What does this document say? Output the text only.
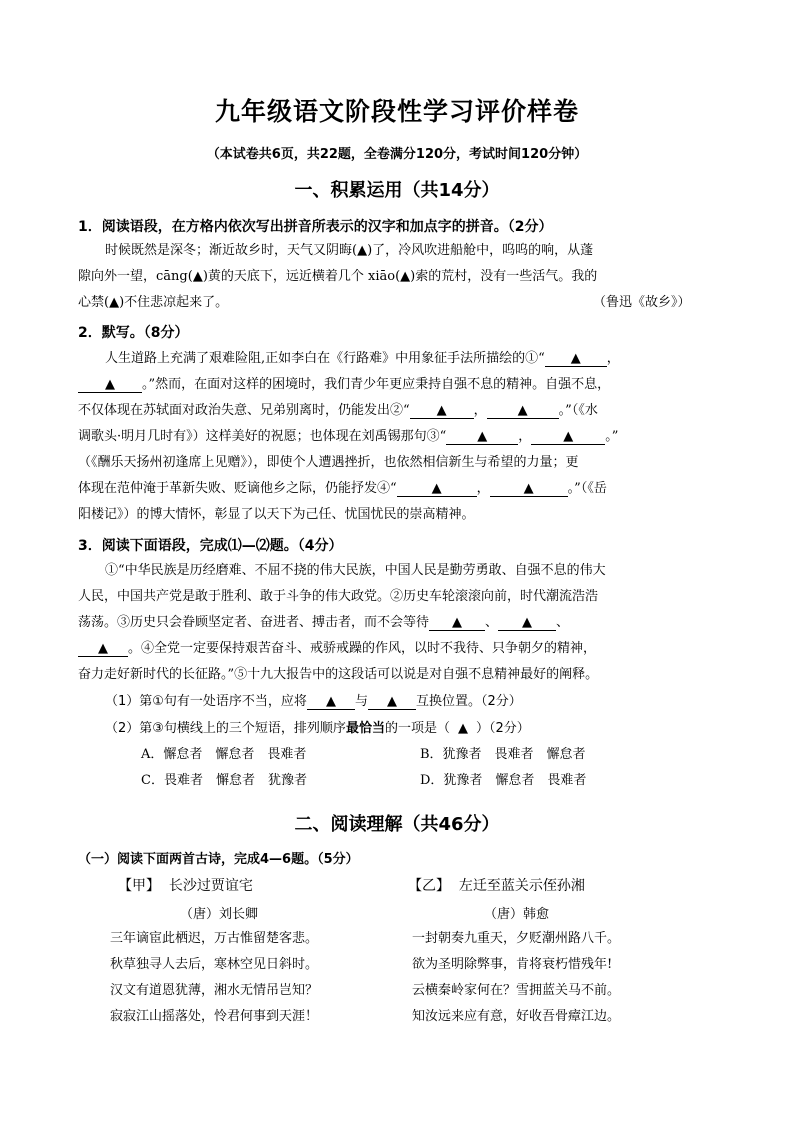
九年级语文阶段性学习评价样卷
（本试卷共6页，共22题，全卷满分120分，考试时间120分钟）
一、积累运用（共14分）
1．阅读语段，在方格内依次写出拼音所表示的汉字和加点字的拼音。（2分）
时候既然是深冬；渐近故乡时，天气又阴晦(▲)了，冷风吹进船舱中，呜呜的响，从蓬
隙向外一望，cāng(▲)黄的天底下，远近横着几个 xiāo(▲)索的荒村，没有一些活气。我的
心禁(▲)不住悲凉起来了。	（鲁迅《故乡》）
2．默写。（8分）
人生道路上充满了艰难险阻,正如李白在《行路难》中用象征手法所描绘的①“ ▲ ，
▲ 。”然而，在面对这样的困境时，我们青少年更应秉持自强不息的精神。自强不息，
不仅体现在苏轼面对政治失意、兄弟别离时，仍能发出②“ ▲ ， ▲ 。”（《水
调歌头·明月几时有》）这样美好的祝愿；也体现在刘禹锡那句③“ ▲ ， ▲ 。”
（《酬乐天扬州初逢席上见赠》），即使个人遭遇挫折，也依然相信新生与希望的力量；更
体现在范仲淹于革新失败、贬谪他乡之际，仍能抒发④“	▲	，	▲	。”（《岳
阳楼记》）的博大情怀，彰显了以天下为己任、忧国忧民的崇高精神。
3．阅读下面语段，完成⑴—⑵题。（4分）
①“中华民族是历经磨难、不屈不挠的伟大民族，中国人民是勤劳勇敢、自强不息的伟大
人民，中国共产党是敢于胜利、敢于斗争的伟大政党。②历史车轮滚滚向前，时代潮流浩浩
荡荡。③历史只会眷顾坚定者、奋进者、搏击者，而不会等待 ▲ 、 ▲ 、
▲ 。④全党一定要保持艰苦奋斗、戒骄戒躁的作风，以时不我待、只争朝夕的精神，
奋力走好新时代的长征路。”⑤十九大报告中的这段话可以说是对自强不息精神最好的阐释。
（1）第①句有一处语序不当，应将 ▲ 与 ▲ 互换位置。（2分）
（2）第③句横线上的三个短语，排列顺序最恰当的一项是（ ▲ ）（2分）
A．懈怠者　懈怠者　畏难者	B．犹豫者　畏难者　懈怠者
C．畏难者　懈怠者　犹豫者	D．犹豫者　懈怠者　畏难者
二、阅读理解（共46分）
（一）阅读下面两首古诗，完成4—6题。（5分）
【甲】 长沙过贾谊宅
（唐）刘长卿
三年谪宦此栖迟，万古惟留楚客悲。
秋草独寻人去后，寒林空见日斜时。
汉文有道恩犹薄，湘水无情吊岂知？
寂寂江山摇落处，怜君何事到天涯！
【乙】 左迁至蓝关示侄孙湘
（唐）韩愈
一封朝奏九重天，夕贬潮州路八千。
欲为圣明除弊事，肯将衰朽惜残年!
云横秦岭家何在？雪拥蓝关马不前。
知汝远来应有意，好收吾骨瘴江边。
